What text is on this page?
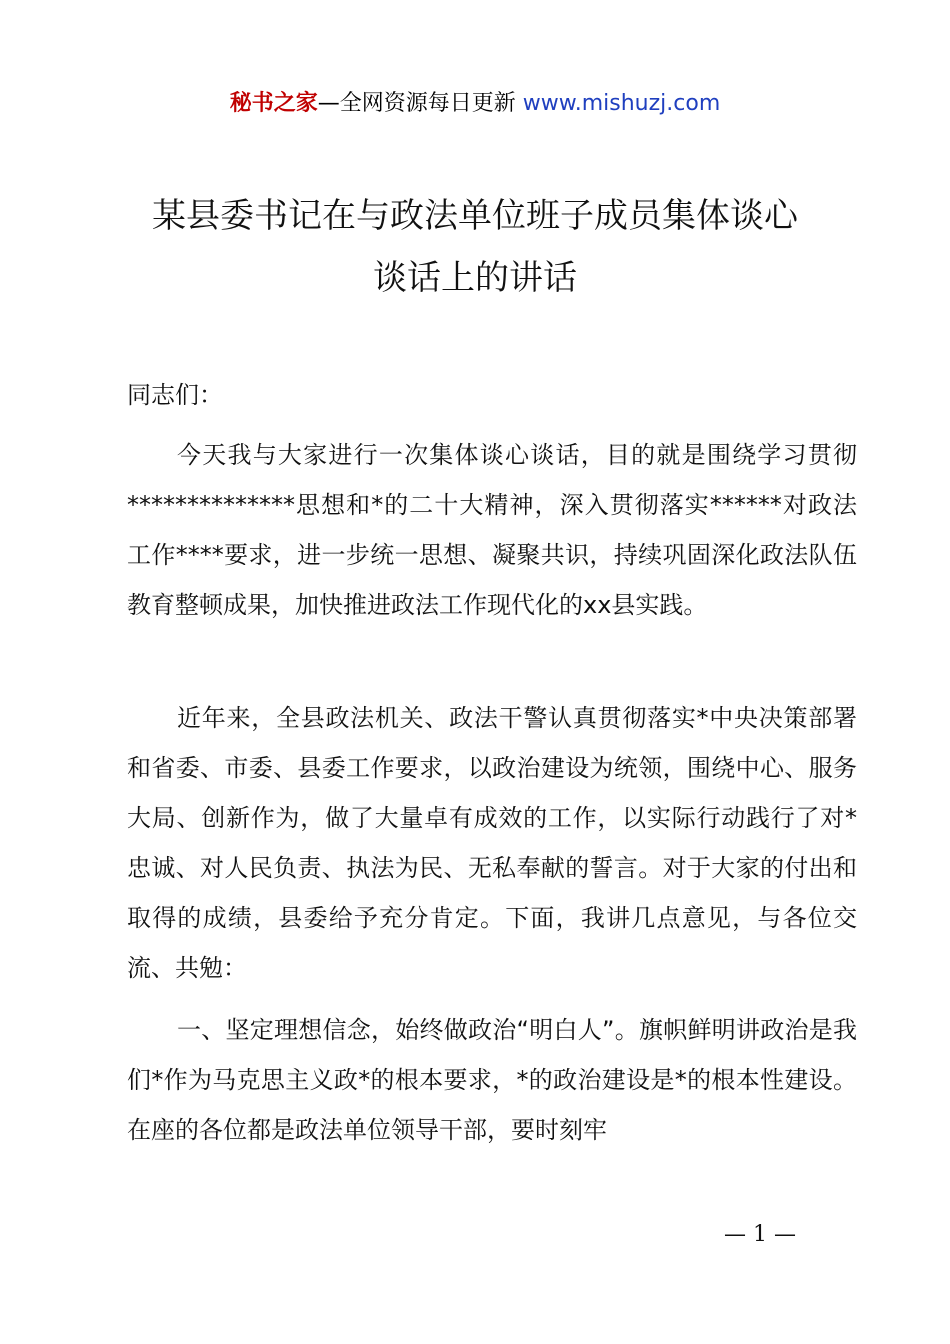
秘书之家—全网资源每日更新 www.mishuzj.com
某县委书记在与政法单位班子成员集体谈心
谈话上的讲话
同志们：
今天我与大家进行一次集体谈心谈话，目的就是围绕学习贯彻**************思想和*的二十大精神，深入贯彻落实******对政法工作****要求，进一步统一思想、凝聚共识，持续巩固深化政法队伍教育整顿成果，加快推进政法工作现代化的xx县实践。
近年来，全县政法机关、政法干警认真贯彻落实*中央决策部署和省委、市委、县委工作要求，以政治建设为统领，围绕中心、服务大局、创新作为，做了大量卓有成效的工作，以实际行动践行了对*忠诚、对人民负责、执法为民、无私奉献的誓言。对于大家的付出和取得的成绩，县委给予充分肯定。下面，我讲几点意见，与各位交流、共勉：
一、坚定理想信念，始终做政治“明白人”。旗帜鲜明讲政治是我们*作为马克思主义政*的根本要求，*的政治建设是*的根本性建设。在座的各位都是政法单位领导干部，要时刻牢
— 1 —
